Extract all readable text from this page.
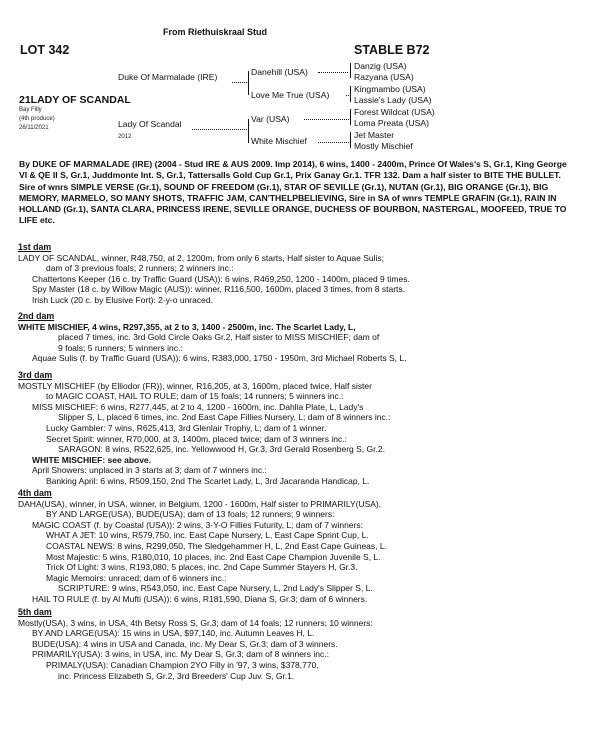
From Riethuiskraal Stud
LOT 342	STABLE B72
21LADY OF SCANDAL
Bay Filly
(4th produce)
26/11/2021
Duke Of Marmalade (IRE)	Danehill (USA)
Love Me True (USA)
Lady Of Scandal
2012
Var (USA)
White Mischief
Danzig (USA)
Razyana (USA)
Kingmambo (USA)
Lassie's Lady (USA)
Forest Wildcat (USA)
Loma Preata (USA)
Jet Master
Mostly Mischief
By DUKE OF MARMALADE (IRE) (2004 - Stud IRE & AUS 2009. Imp 2014), 6 wins, 1400 - 2400m, Prince Of Wales's S, Gr.1, King George VI & QE II S, Gr.1, Juddmonte Int. S, Gr.1, Tattersalls Gold Cup Gr.1, Prix Ganay Gr.1. TFR 132. Dam a half sister to BITE THE BULLET. Sire of wnrs SIMPLE VERSE (Gr.1), SOUND OF FREEDOM (Gr.1), STAR OF SEVILLE (Gr.1), NUTAN (Gr.1), BIG ORANGE (Gr.1), BIG MEMORY, MARMELO, SO MANY SHOTS, TRAFFIC JAM, CAN'THELPBELIEVING, Sire in SA of wnrs TEMPLE GRAFIN (Gr.1), RAIN IN HOLLAND (Gr.1), SANTA CLARA, PRINCESS IRENE, SEVILLE ORANGE, DUCHESS OF BOURBON, NASTERGAL, MOOFEED, TRUE TO LIFE etc.

1st dam

LADY OF SCANDAL, winner, R48,750, at 2, 1200m, from only 6 starts, Half sister to Aquae Sulis;

dam of 3 previous foals; 2 runners; 2 winners inc.:

Chattertons Keeper (16 c. by Traffic Guard (USA)): 6 wins, R469,250, 1200 - 1400m, placed 9 times.

Spy Master (18 c. by Willow Magic (AUS)): winner, R116,500, 1600m, placed 3 times, from 8 starts.

Irish Luck (20 c. by Elusive Fort): 2-y-o unraced.

2nd dam

WHITE MISCHIEF, 4 wins, R297,355, at 2 to 3, 1400 - 2500m, inc. The Scarlet Lady, L,

placed 7 times, inc. 3rd Gold Circle Oaks Gr.2, Half sister to MISS MISCHIEF; dam of

9 foals; 5 runners; 5 winners inc.:

Aquae Sulis (f. by Traffic Guard (USA)): 6 wins, R383,000, 1750 - 1950m, 3rd Michael Roberts S, L.

3rd dam

MOSTLY MISCHIEF (by Elliodor (FR)), winner, R16,205, at 3, 1600m, placed twice, Half sister

to MAGIC COAST, HAIL TO RULE; dam of 15 foals; 14 runners; 5 winners inc.:

MISS MISCHIEF: 6 wins, R277,445, at 2 to 4, 1200 - 1600m, inc. Dahlia Plate, L, Lady's

Slipper S, L, placed 6 times, inc. 2nd East Cape Fillies Nursery, L; dam of 8 winners inc.:

Lucky Gambler: 7 wins, R625,413, 3rd Glenlair Trophy, L; dam of 1 winner.

Secret Spirit: winner, R70,000, at 3, 1400m, placed twice; dam of 3 winners inc.:

SARAGON: 8 wins, R522,625, inc. Yellowwood H, Gr.3, 3rd Gerald Rosenberg S, Gr.2.

WHITE MISCHIEF: see above.

April Showers: unplaced in 3 starts at 3; dam of 7 winners inc.:

Banking April: 6 wins, R509,150, 2nd The Scarlet Lady, L, 3rd Jacaranda Handicap, L.

4th dam

DAHA(USA), winner, in USA, winner, in Belgium, 1200 - 1600m, Half sister to PRIMARILY(USA),

BY AND LARGE(USA), BUDE(USA); dam of 13 foals; 12 runners; 9 winners:

MAGIC COAST (f. by Coastal (USA)): 2 wins, 3-Y-O Fillies Futurity, L; dam of 7 winners:

WHAT A JET: 10 wins, R579,750, inc. East Cape Nursery, L, East Cape Sprint Cup, L.

COASTAL NEWS: 8 wins, R299,050, The Sledgehammer H, L, 2nd East Cape Guineas, L.

Most Majestic: 5 wins, R180,010, 10 places, inc. 2nd East Cape Champion Juvenile S, L.

Trick Of Light: 3 wins, R193,080, 5 places, inc. 2nd Cape Summer Stayers H, Gr.3.

Magic Memoirs: unraced; dam of 6 winners inc.:

SCRIPTURE: 9 wins, R543,050, inc. East Cape Nursery, L, 2nd Lady's Slipper S, L.

HAIL TO RULE (f. by Al Mufti (USA)): 6 wins, R181,590, Diana S, Gr.3; dam of 6 winners.

5th dam

Mostly(USA), 3 wins, in USA, 4th Betsy Ross S, Gr.3; dam of 14 foals; 12 runners; 10 winners:

BY AND LARGE(USA): 15 wins in USA, $97,140, inc. Autumn Leaves H, L.

BUDE(USA): 4 wins in USA and Canada, inc. My Dear S, Gr.3; dam of 3 winners.

PRIMARILY(USA): 3 wins, in USA, inc. My Dear S, Gr.3; dam of 8 winners inc.:

PRIMALY(USA): Canadian Champion 2YO Filly in '97, 3 wins, $378,770,

inc. Princess Elizabeth S, Gr.2, 3rd Breeders' Cup Juv. S, Gr.1.
